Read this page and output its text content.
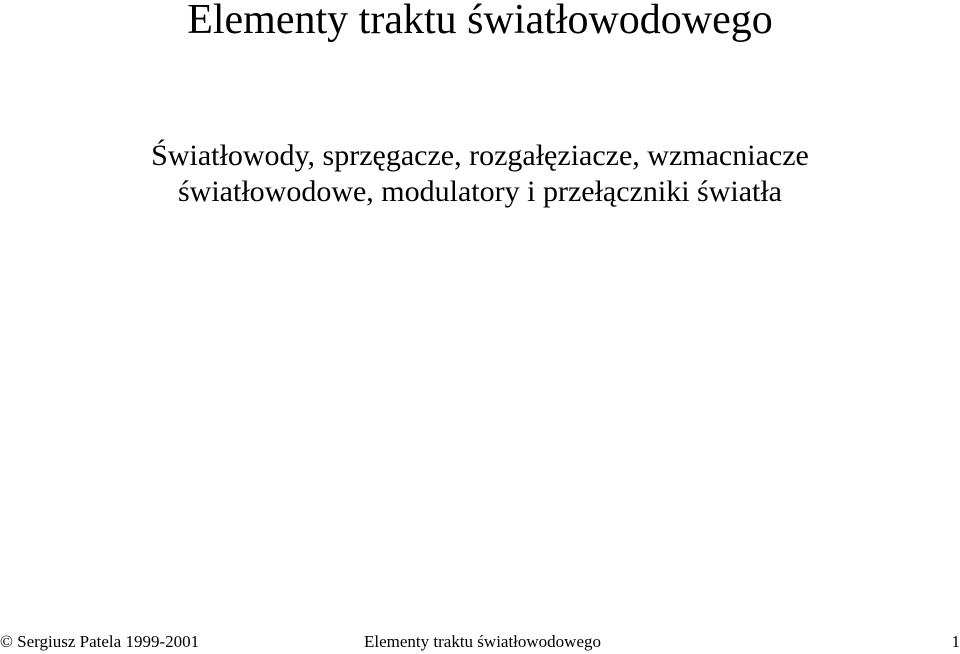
Elementy traktu światłowodowego
Światłowody, sprzęgacze, rozgałęziacze, wzmacniacze
światłowodowe, modulatory i przełączniki światła
© Sergiusz Patela 1999-2001	Elementy traktu światłowodowego	1
